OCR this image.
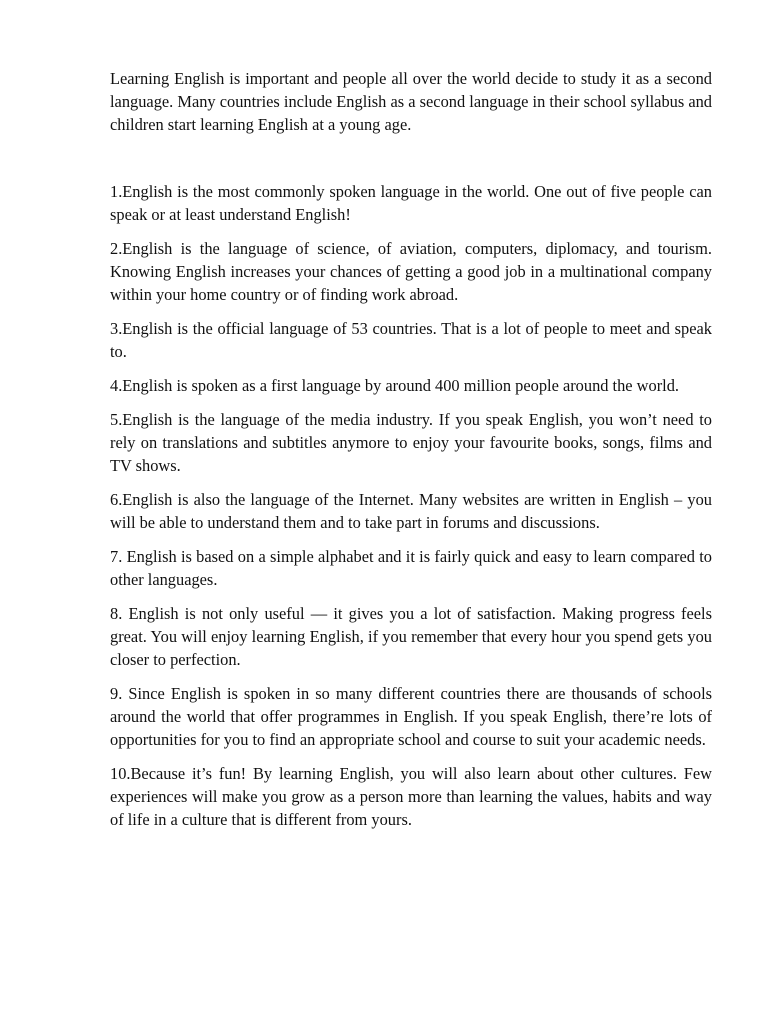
Learning English is important and people all over the world decide to study it as a second language. Many countries include English as a second language in their school syllabus and children start learning English at a young age.

1.English is the most commonly spoken language in the world. One out of five people can speak or at least understand English!

2.English is the language of science, of aviation, computers, diplomacy, and tourism. Knowing English increases your chances of getting a good job in a multinational company within your home country or of finding work abroad.

3.English is the official language of 53 countries. That is a lot of people to meet and speak to.

4.English is spoken as a first language by around 400 million people around the world.

5.English is the language of the media industry. If you speak English, you won’t need to rely on translations and subtitles anymore to enjoy your favourite books, songs, films and TV shows.

6.English is also the language of the Internet. Many websites are written in English – you will be able to understand them and to take part in forums and discussions.

7. English is based on a simple alphabet and it is fairly quick and easy to learn compared to other languages.

8. English is not only useful — it gives you a lot of satisfaction. Making progress feels great. You will enjoy learning English, if you remember that every hour you spend gets you closer to perfection.

9. Since English is spoken in so many different countries there are thousands of schools around the world that offer programmes in English. If you speak English, there’re lots of opportunities for you to find an appropriate school and course to suit your academic needs.

10.Because it’s fun! By learning English, you will also learn about other cultures. Few experiences will make you grow as a person more than learning the values, habits and way of life in a culture that is different from yours.
